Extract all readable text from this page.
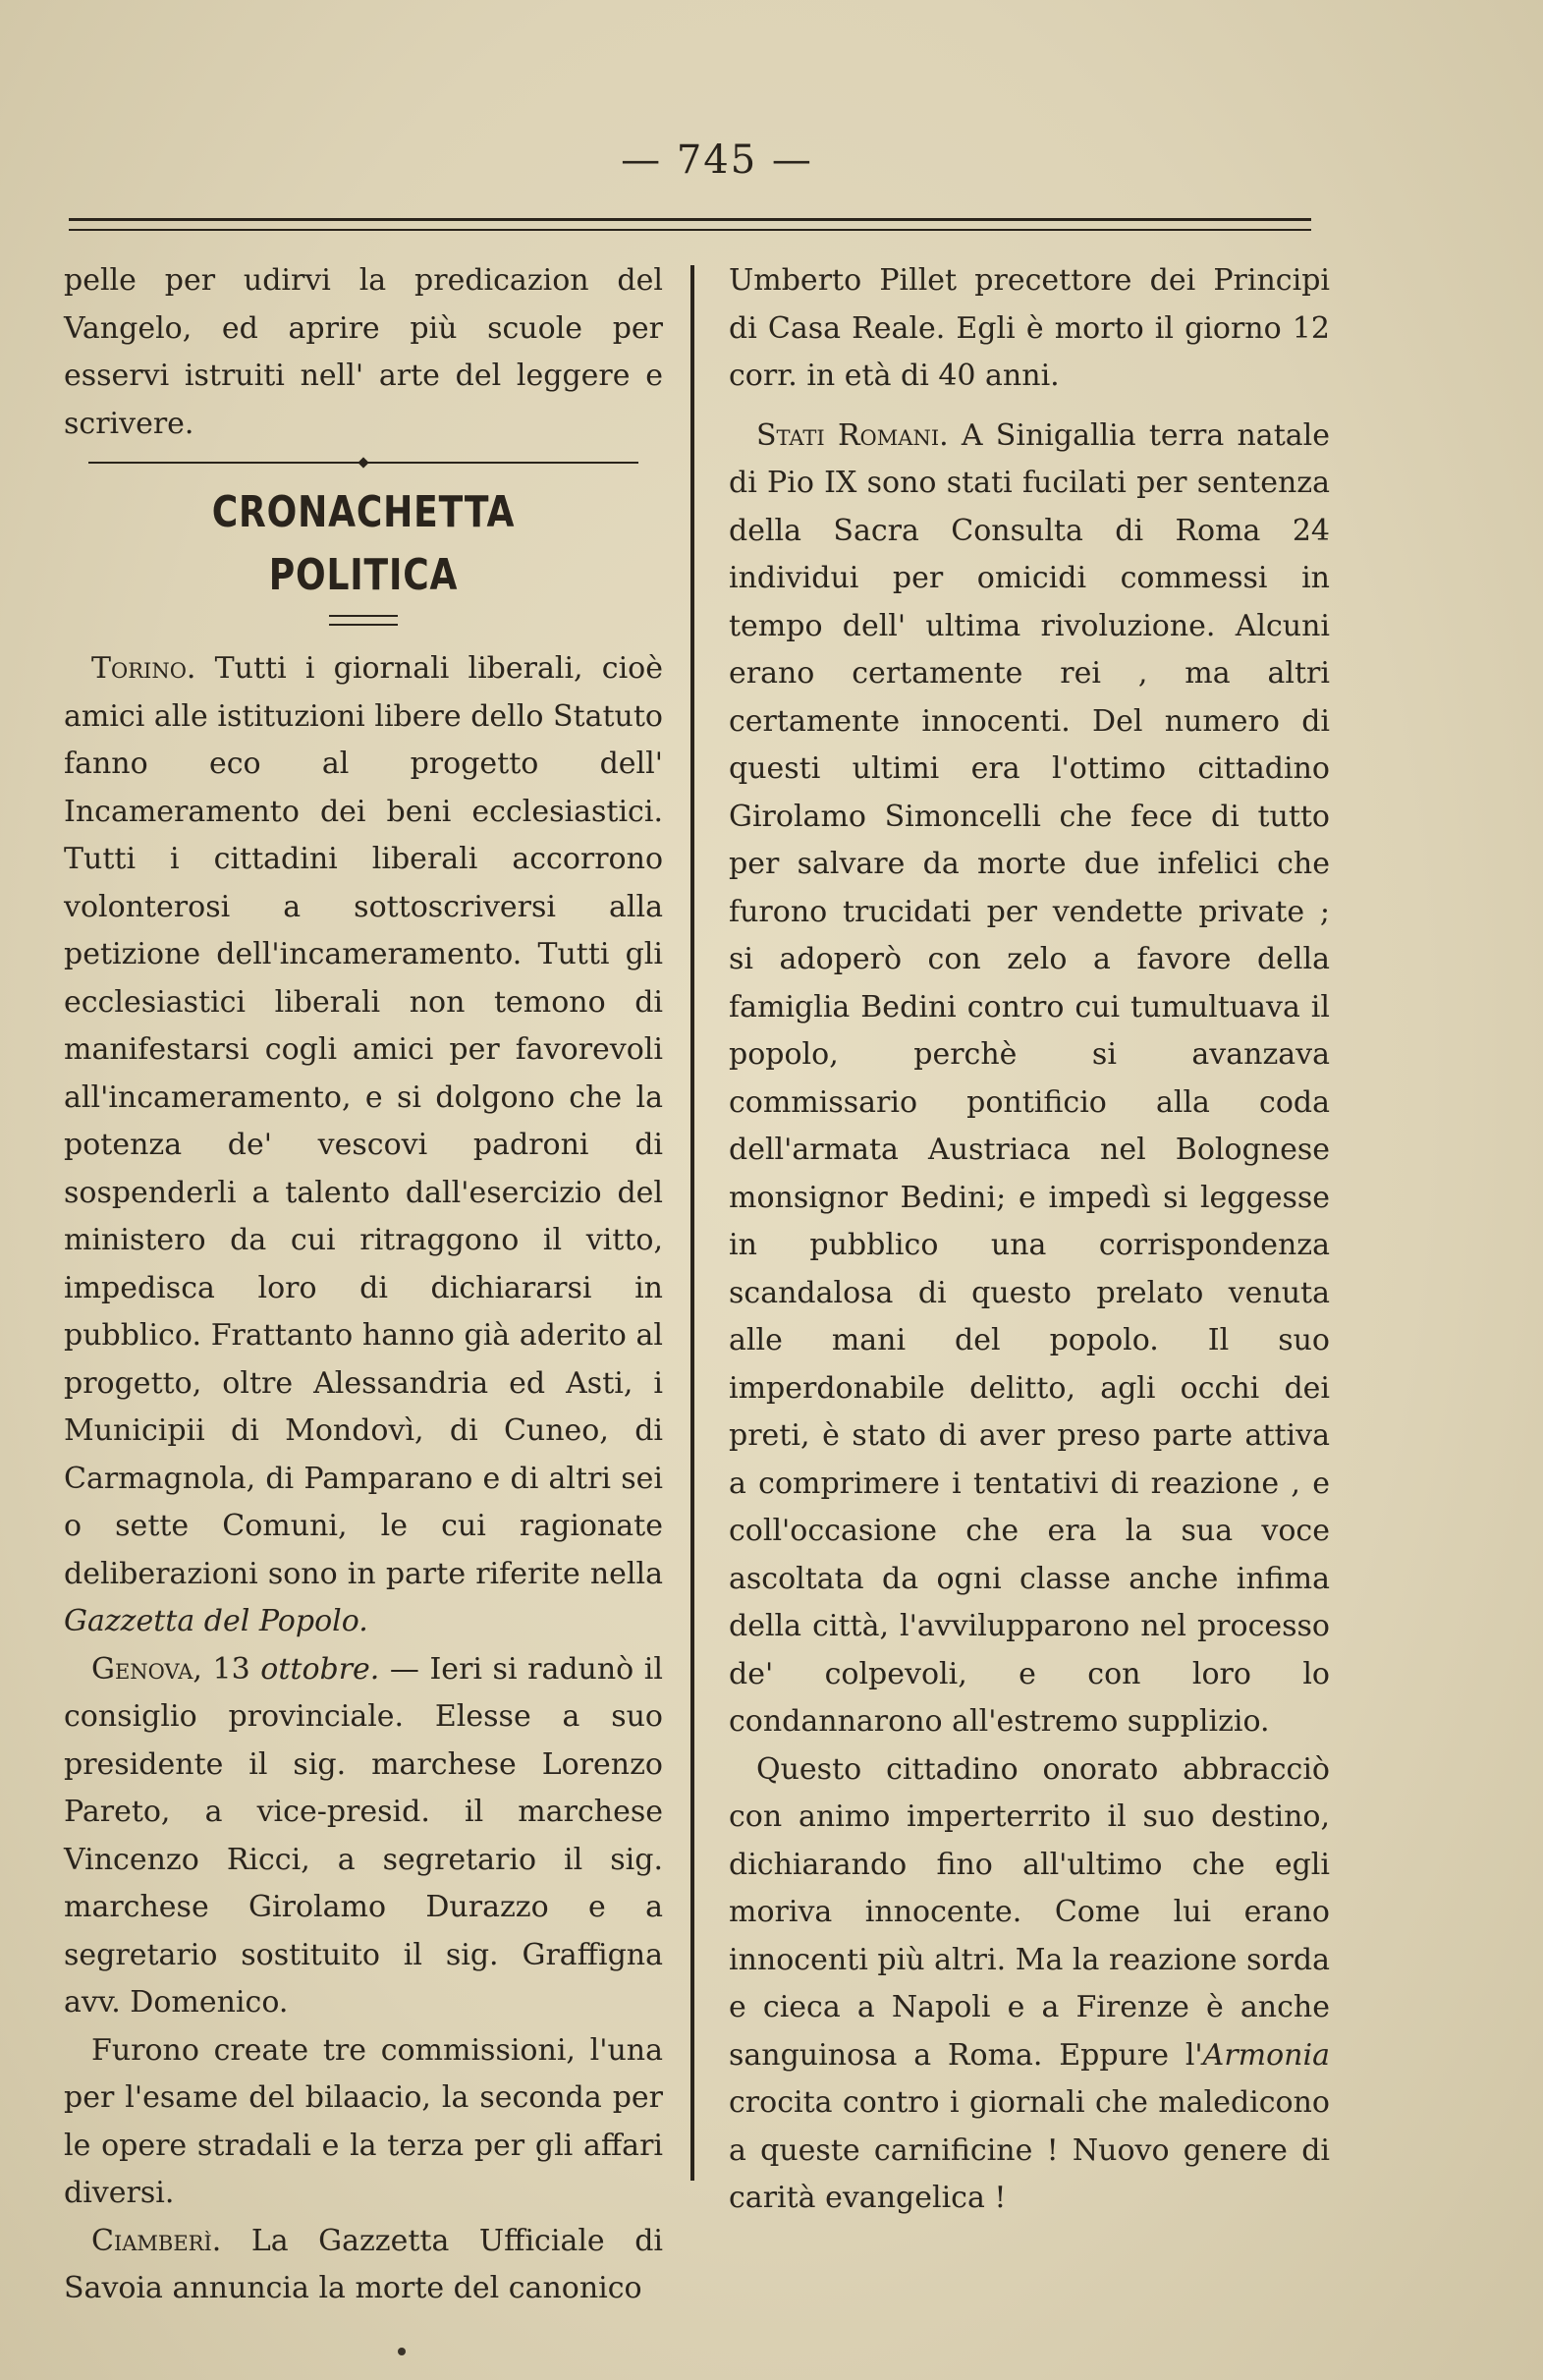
— 745 —

pelle per udirvi la predicazion del Vangelo, ed aprire più scuole per esservi istruiti nell' arte del leggere e scrivere.

CRONACHETTA POLITICA

Torino. Tutti i giornali liberali, cioè amici alle istituzioni libere dello Statuto fanno eco al progetto dell' Incameramento dei beni ecclesiastici. Tutti i cittadini liberali accorrono volonterosi a sottoscriversi alla petizione dell'incameramento. Tutti gli ecclesiastici liberali non temono di manifestarsi cogli amici per favorevoli all'incameramento, e si dolgono che la potenza de' vescovi padroni di sospenderli a talento dall'esercizio del ministero da cui ritraggono il vitto, impedisca loro di dichiararsi in pubblico. Frattanto hanno già aderito al progetto, oltre Alessandria ed Asti, i Municipii di Mondovì, di Cuneo, di Carmagnola, di Pamparano e di altri sei o sette Comuni, le cui ragionate deliberazioni sono in parte riferite nella Gazzetta del Popolo.

Genova, 13 ottobre. — Ieri si radunò il consiglio provinciale. Elesse a suo presidente il sig. marchese Lorenzo Pareto, a vice-presid. il marchese Vincenzo Ricci, a segretario il sig. marchese Girolamo Durazzo e a segretario sostituito il sig. Graffigna avv. Domenico.

Furono create tre commissioni, l'una per l'esame del bilaacio, la seconda per le opere stradali e la terza per gli affari diversi.

Ciamberì. La Gazzetta Ufficiale di Savoia annuncia la morte del canonico

Umberto Pillet precettore dei Principi di Casa Reale. Egli è morto il giorno 12 corr. in età di 40 anni.

Stati Romani. A Sinigallia terra natale di Pio IX sono stati fucilati per sentenza della Sacra Consulta di Roma 24 individui per omicidi commessi in tempo dell' ultima rivoluzione. Alcuni erano certamente rei , ma altri certamente innocenti. Del numero di questi ultimi era l'ottimo cittadino Girolamo Simoncelli che fece di tutto per salvare da morte due infelici che furono trucidati per vendette private ; si adoperò con zelo a favore della famiglia Bedini contro cui tumultuava il popolo, perchè si avanzava commissario pontificio alla coda dell'armata Austriaca nel Bolognese monsignor Bedini; e impedì si leggesse in pubblico una corrispondenza scandalosa di questo prelato venuta alle mani del popolo. Il suo imperdonabile delitto, agli occhi dei preti, è stato di aver preso parte attiva a comprimere i tentativi di reazione , e coll'occasione che era la sua voce ascoltata da ogni classe anche infima della città, l'avvilupparono nel processo de' colpevoli, e con loro lo condannarono all'estremo supplizio.

Questo cittadino onorato abbracciò con animo imperterrito il suo destino, dichiarando fino all'ultimo che egli moriva innocente. Come lui erano innocenti più altri. Ma la reazione sorda e cieca a Napoli e a Firenze è anche sanguinosa a Roma. Eppure l'Armonia crocita contro i giornali che maledicono a queste carnificine ! Nuovo genere di carità evangelica !
